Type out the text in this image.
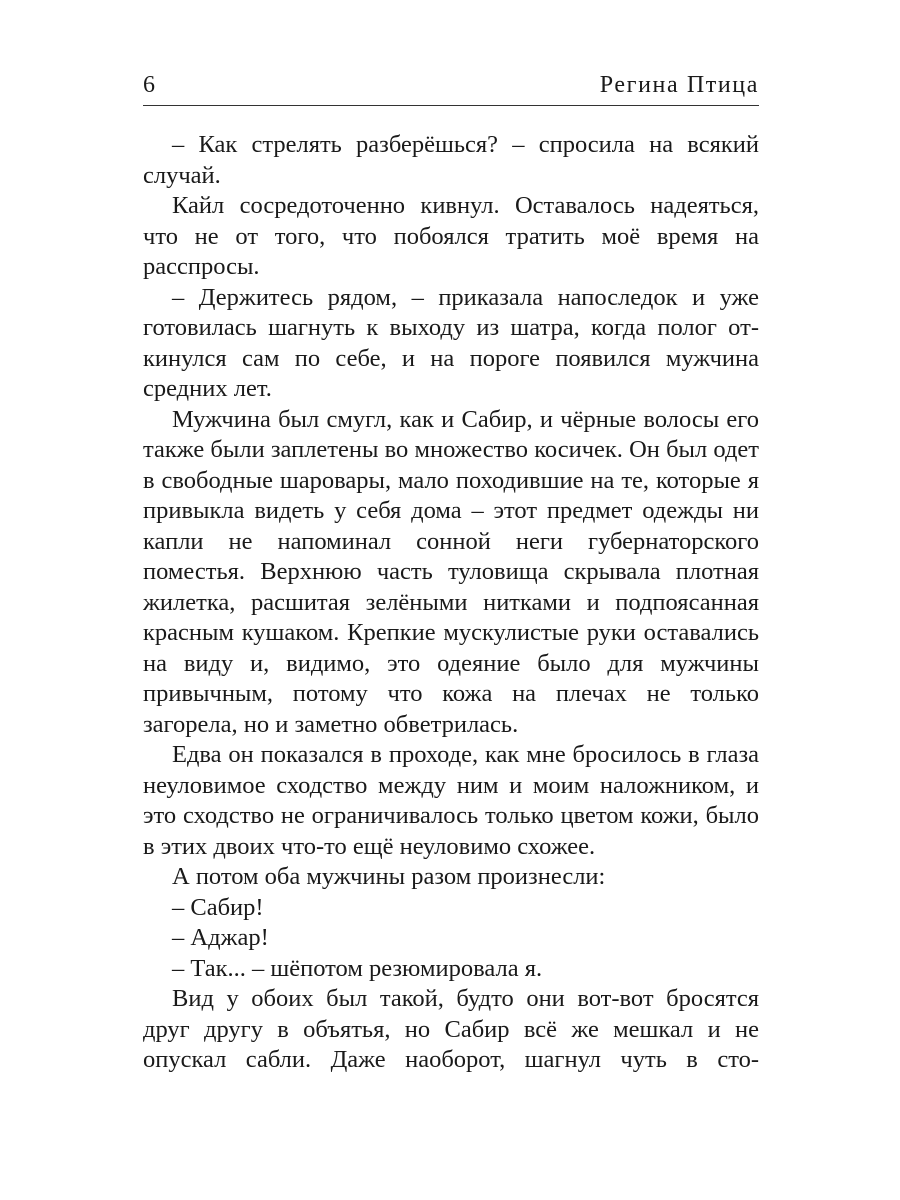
6	Регина Птица

– Как стрелять разберёшься? – спросила на всякий случай.

Кайл сосредоточенно кивнул. Оставалось надеяться, что не от того, что побоялся тратить моё время на расспросы.

– Держитесь рядом, – приказала напоследок и уже готовилась шагнуть к выходу из шатра, когда полог откинулся сам по себе, и на пороге появился мужчина средних лет.

Мужчина был смугл, как и Сабир, и чёрные волосы его также были заплетены во множество косичек. Он был одет в свободные шаровары, мало походившие на те, которые я привыкла видеть у себя дома – этот предмет одежды ни капли не напоминал сонной неги губернаторского поместья. Верхнюю часть туловища скрывала плотная жилетка, расшитая зелёными нитками и подпоясанная красным кушаком. Крепкие мускулистые руки оставались на виду и, видимо, это одеяние было для мужчины привычным, потому что кожа на плечах не только загорела, но и заметно обветрилась.

Едва он показался в проходе, как мне бросилось в глаза неуловимое сходство между ним и моим наложником, и это сходство не ограничивалось только цветом кожи, было в этих двоих что-то ещё неуловимо схожее.

А потом оба мужчины разом произнесли:

– Сабир!

– Аджар!

– Так... – шёпотом резюмировала я.

Вид у обоих был такой, будто они вот-вот бросятся друг другу в объятья, но Сабир всё же мешкал и не опускал сабли. Даже наоборот, шагнул чуть в сто-
